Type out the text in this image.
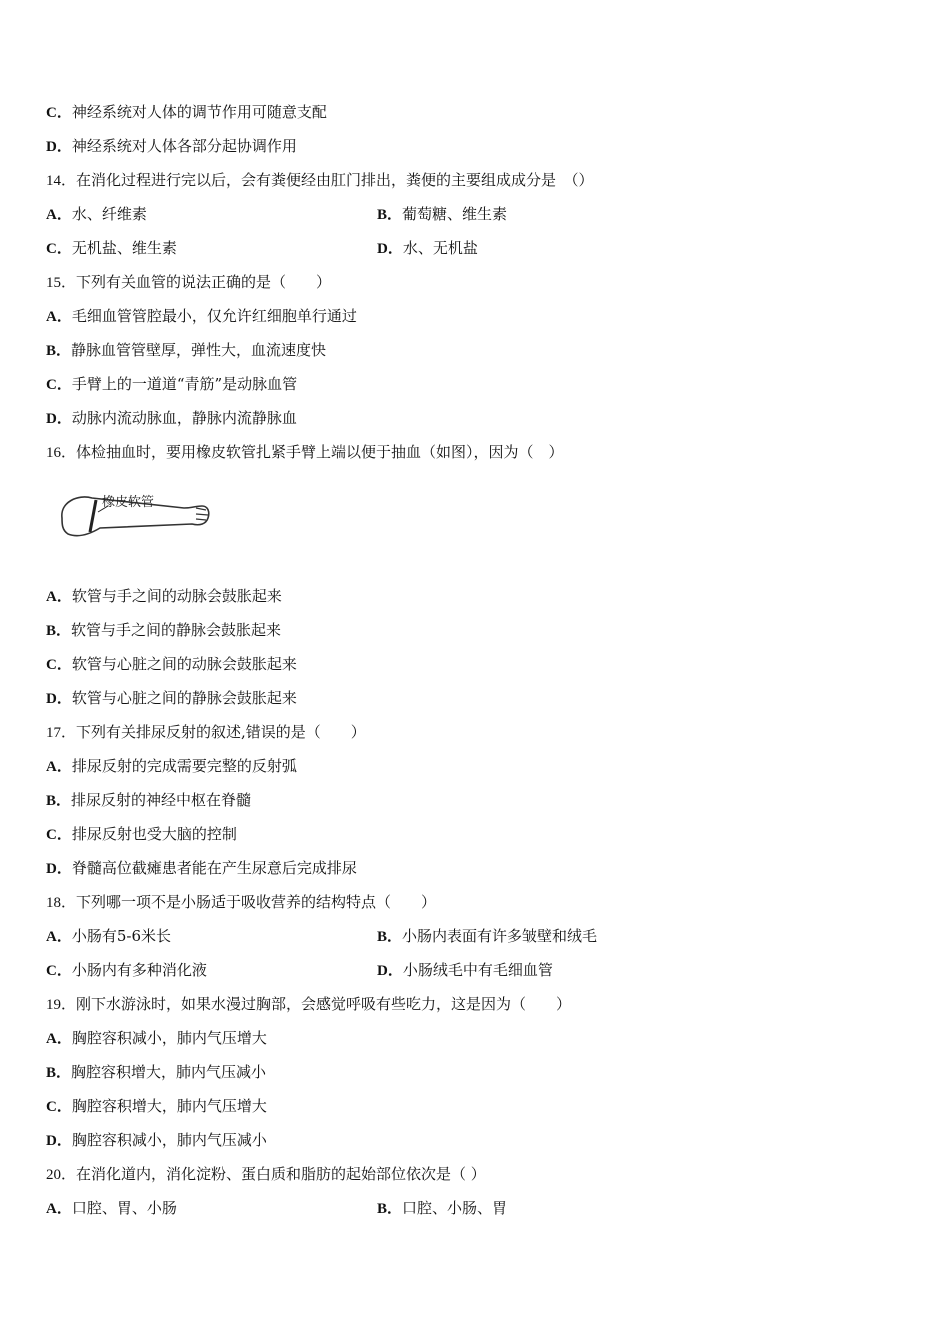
C．神经系统对人体的调节作用可随意支配
D．神经系统对人体各部分起协调作用
14．在消化过程进行完以后，会有粪便经由肛门排出，粪便的主要组成成分是　（）
A．水、纤维素	B．葡萄糖、维生素
C．无机盐、维生素	D．水、无机盐
15．下列有关血管的说法正确的是（　　）
A．毛细血管管腔最小，仅允许红细胞单行通过
B．静脉血管管壁厚，弹性大，血流速度快
C．手臂上的一道道“青筋”是动脉血管
D．动脉内流动脉血，静脉内流静脉血
16．体检抽血时，要用橡皮软管扎紧手臂上端以便于抽血（如图），因为（　）
橡皮软管
A．软管与手之间的动脉会鼓胀起来
B．软管与手之间的静脉会鼓胀起来
C．软管与心脏之间的动脉会鼓胀起来
D．软管与心脏之间的静脉会鼓胀起来
17．下列有关排尿反射的叙述,错误的是（　　）
A．排尿反射的完成需要完整的反射弧
B．排尿反射的神经中枢在脊髓
C．排尿反射也受大脑的控制
D．脊髓高位截瘫患者能在产生尿意后完成排尿
18．下列哪一项不是小肠适于吸收营养的结构特点（　　）
A．小肠有5-6米长	B．小肠内表面有许多皱壁和绒毛
C．小肠内有多种消化液	D．小肠绒毛中有毛细血管
19．刚下水游泳时，如果水漫过胸部，会感觉呼吸有些吃力，这是因为（　　）
A．胸腔容积减小，肺内气压增大
B．胸腔容积增大，肺内气压减小
C．胸腔容积增大，肺内气压增大
D．胸腔容积减小，肺内气压减小
20．在消化道内，消化淀粉、蛋白质和脂肪的起始部位依次是（ ）
A．口腔、胃、小肠	B．口腔、小肠、胃
